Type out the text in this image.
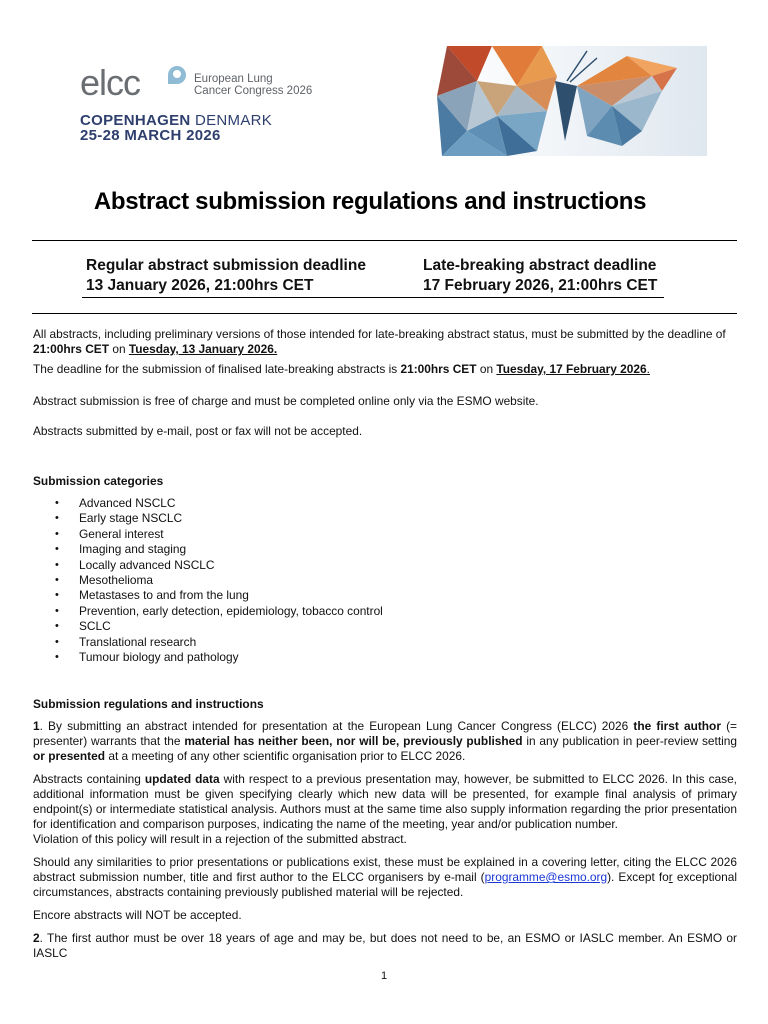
elcc	European Lung
Cancer Congress 2026
COPENHAGEN DENMARK
25-28 MARCH 2026
Abstract submission regulations and instructions
Regular abstract submission deadline
13 January 2026, 21:00hrs CET
Late-breaking abstract deadline
17 February 2026, 21:00hrs CET

All abstracts, including preliminary versions of those intended for late-breaking abstract status, must be submitted by the deadline of
21:00hrs CET on Tuesday, 13 January 2026.

The deadline for the submission of finalised late-breaking abstracts is 21:00hrs CET on Tuesday, 17 February 2026.

Abstract submission is free of charge and must be completed online only via the ESMO website.

Abstracts submitted by e-mail, post or fax will not be accepted.

Submission categories

• Advanced NSCLC
• Early stage NSCLC
• General interest
• Imaging and staging
• Locally advanced NSCLC
• Mesothelioma
• Metastases to and from the lung
• Prevention, early detection, epidemiology, tobacco control
• SCLC
• Translational research
• Tumour biology and pathology

Submission regulations and instructions

1. By submitting an abstract intended for presentation at the European Lung Cancer Congress (ELCC) 2026 the first author (= presenter) warrants that the material has neither been, nor will be, previously published in any publication in peer-review setting or presented at a meeting of any other scientific organisation prior to ELCC 2026.

Abstracts containing updated data with respect to a previous presentation may, however, be submitted to ELCC 2026. In this case, additional information must be given specifying clearly which new data will be presented, for example final analysis of primary endpoint(s) or intermediate statistical analysis. Authors must at the same time also supply information regarding the prior presentation for identification and comparison purposes, indicating the name of the meeting, year and/or publication number.

Violation of this policy will result in a rejection of the submitted abstract.

Should any similarities to prior presentations or publications exist, these must be explained in a covering letter, citing the ELCC 2026 abstract submission number, title and first author to the ELCC organisers by e-mail (programme@esmo.org). Except for exceptional circumstances, abstracts containing previously published material will be rejected.

Encore abstracts will NOT be accepted.

2. The first author must be over 18 years of age and may be, but does not need to be, an ESMO or IASLC member. An ESMO or IASLC

1
